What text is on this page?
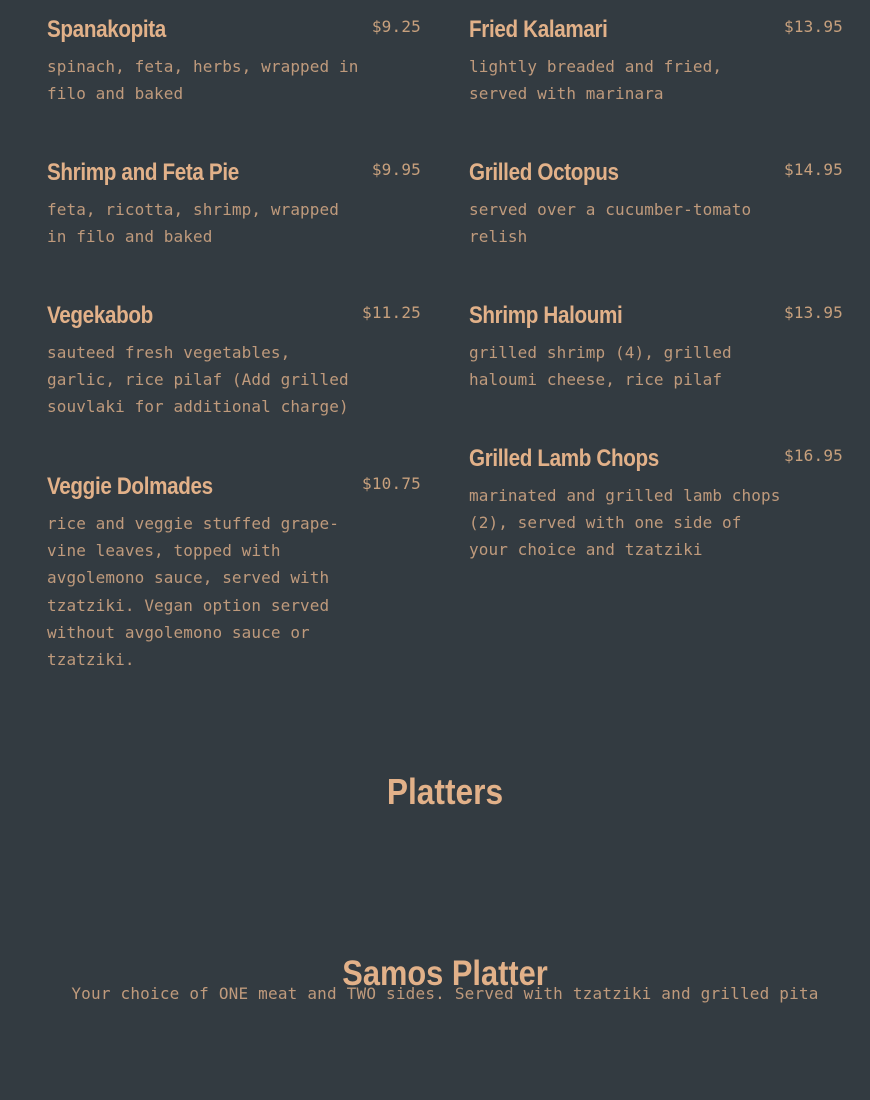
Spanakopita	$9.25

spinach, feta, herbs, wrapped in filo and baked

Shrimp and Feta Pie	$9.95

feta, ricotta, shrimp, wrapped in filo and baked

Vegekabob	$11.25

sauteed fresh vegetables, garlic, rice pilaf (Add grilled souvlaki for additional charge)

Veggie Dolmades	$10.75

rice and veggie stuffed grape-vine leaves, topped with avgolemono sauce, served with tzatziki. Vegan option served without avgolemono sauce or tzatziki.

Fried Kalamari	$13.95

lightly breaded and fried, served with marinara

Grilled Octopus	$14.95

served over a cucumber-tomato relish

Shrimp Haloumi	$13.95

grilled shrimp (4), grilled haloumi cheese, rice pilaf

Grilled Lamb Chops	$16.95

marinated and grilled lamb chops (2), served with one side of your choice and tzatziki

Platters
Samos Platter

Your choice of ONE meat and TWO sides. Served with tzatziki and grilled pita
